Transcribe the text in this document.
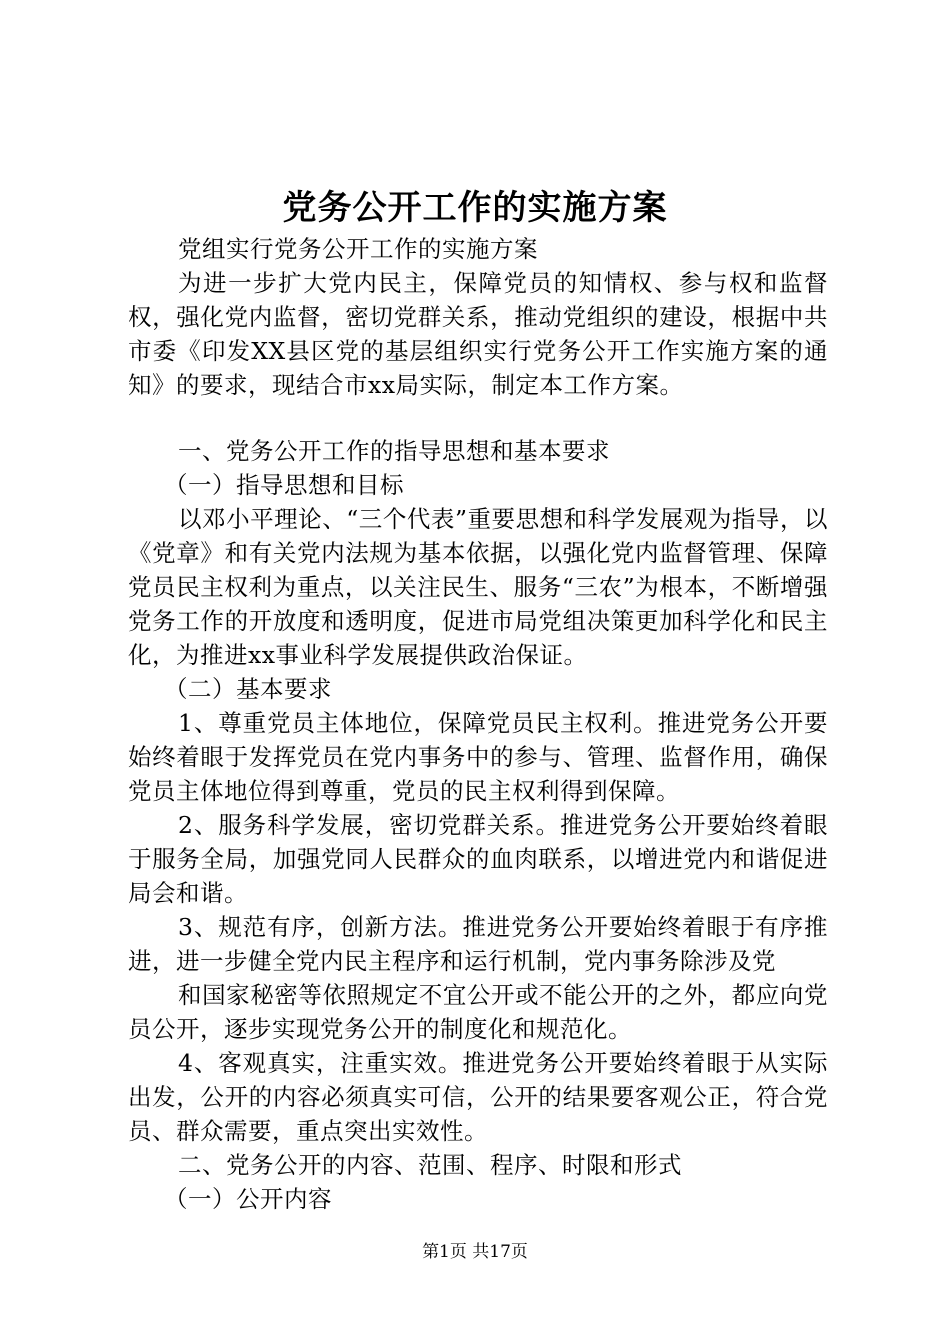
党务公开工作的实施方案

党组实行党务公开工作的实施方案

为进一步扩大党内民主，保障党员的知情权、参与权和监督权，强化党内监督，密切党群关系，推动党组织的建设，根据中共市委《印发XX县区党的基层组织实行党务公开工作实施方案的通知》的要求，现结合市xx局实际，制定本工作方案。

一、党务公开工作的指导思想和基本要求

（一）指导思想和目标

以邓小平理论、“三个代表”重要思想和科学发展观为指导，以《党章》和有关党内法规为基本依据，以强化党内监督管理、保障党员民主权利为重点，以关注民生、服务“三农”为根本，不断增强党务工作的开放度和透明度，促进市局党组决策更加科学化和民主化，为推进xx事业科学发展提供政治保证。

（二）基本要求

1、尊重党员主体地位，保障党员民主权利。推进党务公开要始终着眼于发挥党员在党内事务中的参与、管理、监督作用，确保党员主体地位得到尊重，党员的民主权利得到保障。

2、服务科学发展，密切党群关系。推进党务公开要始终着眼于服务全局，加强党同人民群众的血肉联系，以增进党内和谐促进局会和谐。

3、规范有序，创新方法。推进党务公开要始终着眼于有序推进，进一步健全党内民主程序和运行机制，党内事务除涉及党

和国家秘密等依照规定不宜公开或不能公开的之外，都应向党员公开，逐步实现党务公开的制度化和规范化。

4、客观真实，注重实效。推进党务公开要始终着眼于从实际出发，公开的内容必须真实可信，公开的结果要客观公正，符合党员、群众需要，重点突出实效性。

二、党务公开的内容、范围、程序、时限和形式

（一）公开内容

第1页 共17页
